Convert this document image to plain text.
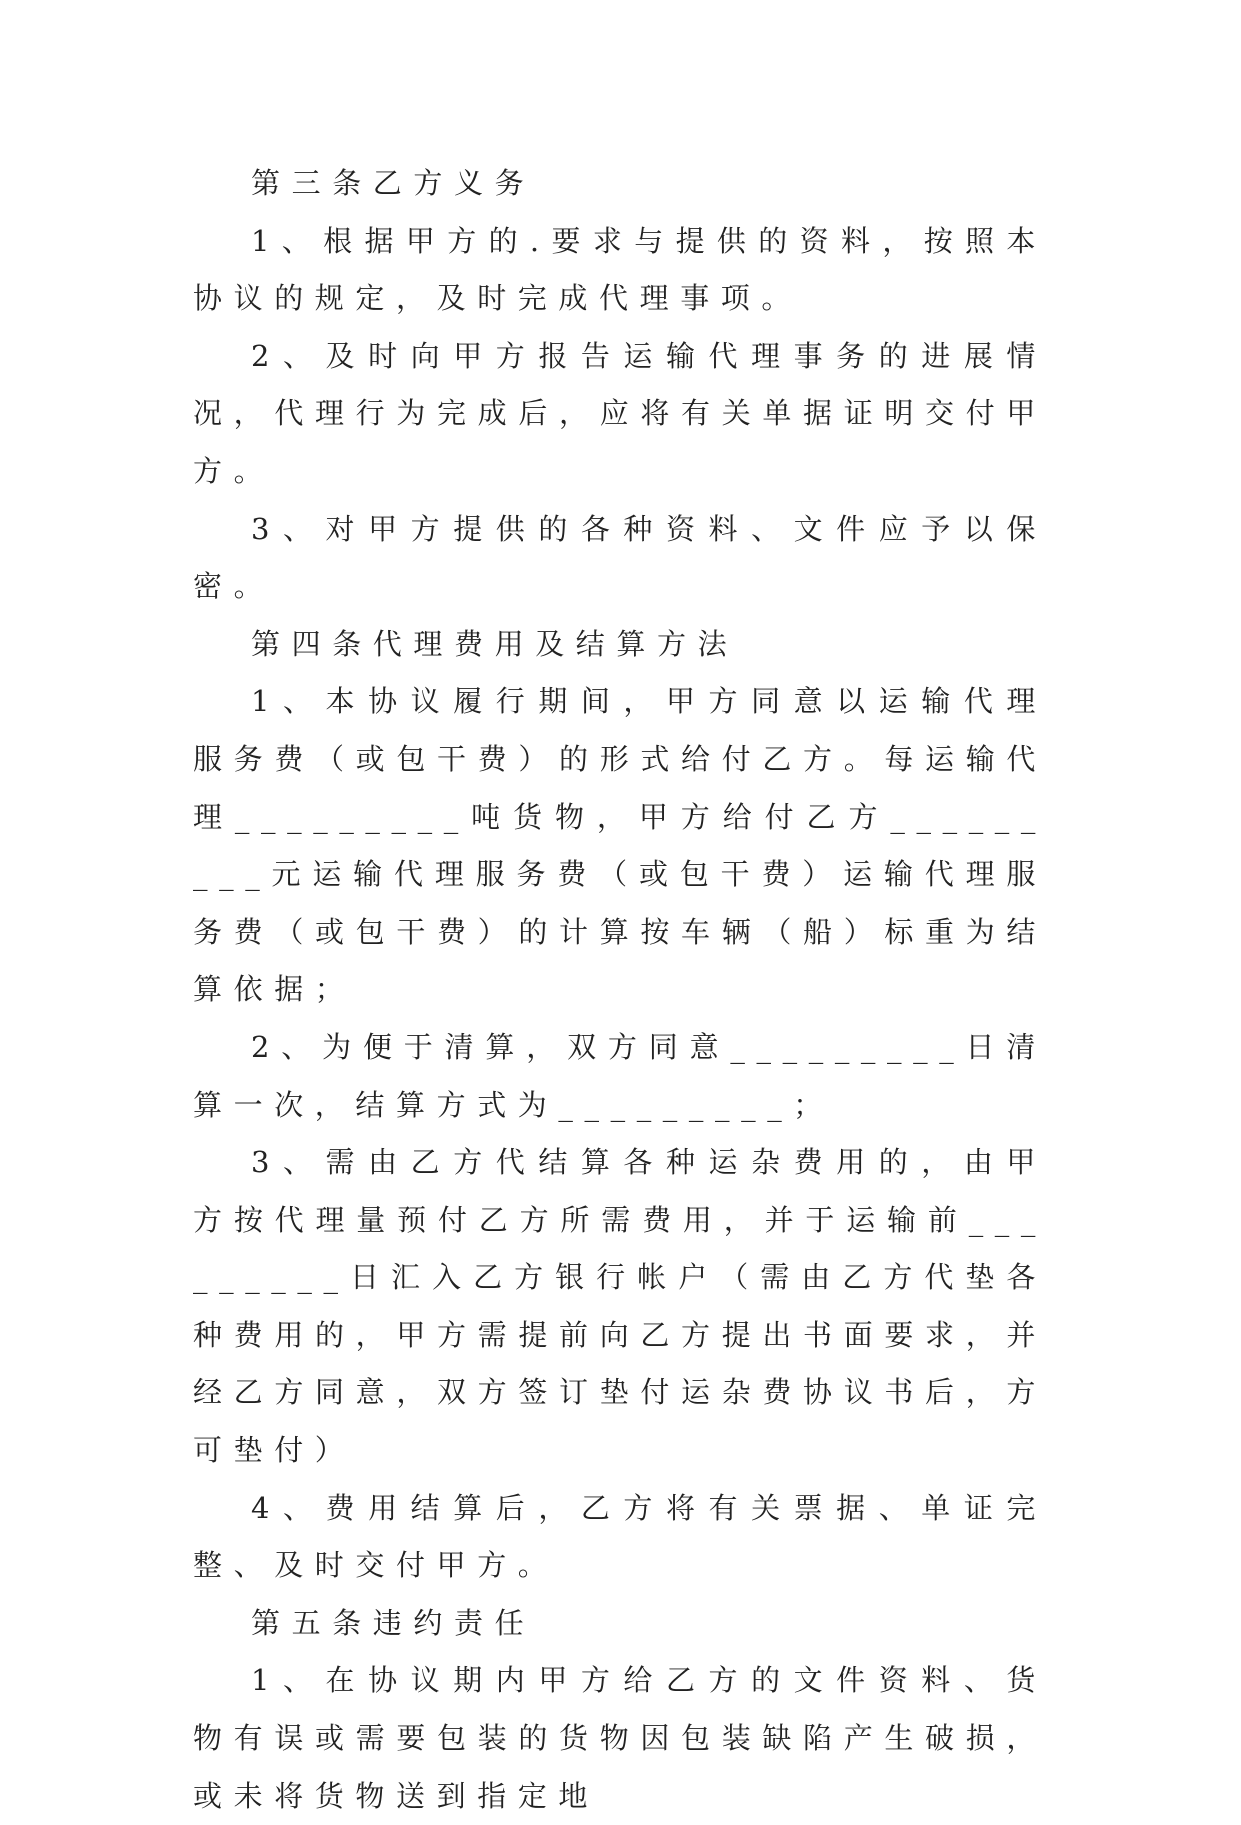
第三条乙方义务

1、根据甲方的.要求与提供的资料，按照本协议的规定，及时完成代理事项。

2、及时向甲方报告运输代理事务的进展情况，代理行为完成后，应将有关单据证明交付甲方。

3、对甲方提供的各种资料、文件应予以保密。

第四条代理费用及结算方法

1、本协议履行期间，甲方同意以运输代理服务费（或包干费）的形式给付乙方。每运输代理_________吨货物，甲方给付乙方_________元运输代理服务费（或包干费）运输代理服务费（或包干费）的计算按车辆（船）标重为结算依据；

2、为便于清算，双方同意_________日清算一次，结算方式为_________；

3、需由乙方代结算各种运杂费用的，由甲方按代理量预付乙方所需费用，并于运输前_________日汇入乙方银行帐户（需由乙方代垫各种费用的，甲方需提前向乙方提出书面要求，并经乙方同意，双方签订垫付运杂费协议书后，方可垫付）

4、费用结算后，乙方将有关票据、单证完整、及时交付甲方。

第五条违约责任

1、在协议期内甲方给乙方的文件资料、货物有误或需要包装的货物因包装缺陷产生破损，或未将货物送到指定地
